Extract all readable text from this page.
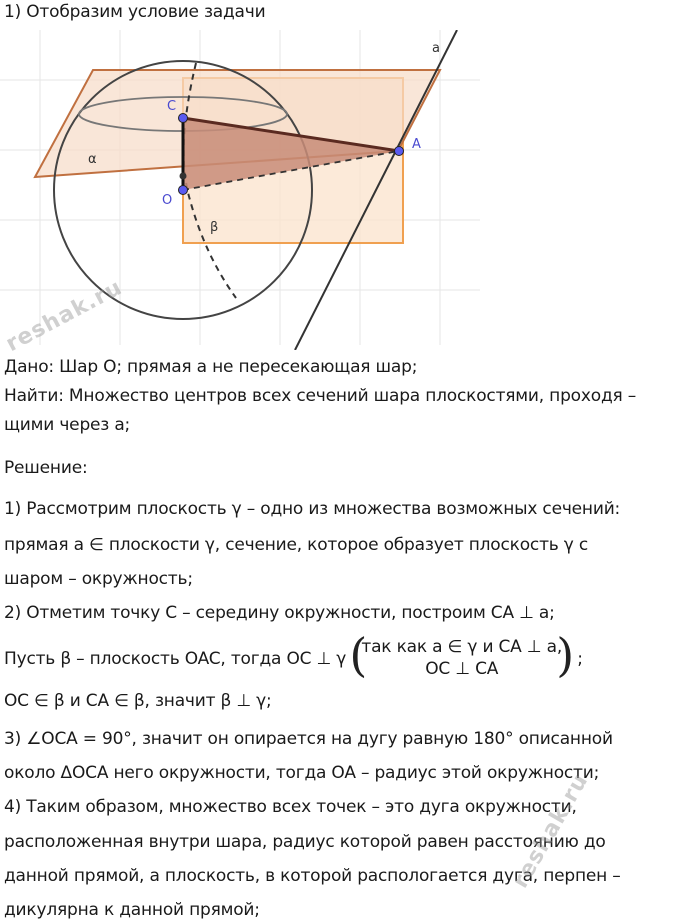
1) Отобразим условие задачи
a
α
β
C
O
A
Дано: Шар O; прямая a не пересекающая шар;
Найти: Множество центров всех сечений шара плоскостями, проходя –
щими через a;
Решение:
1) Рассмотрим плоскость γ – одно из множества возможных сечений:
прямая a ∈ плоскости γ, сечение, которое образует плоскость γ с
шаром – окружность;
2) Отметим точку C – середину окружности, построим CA ⊥ a;
Пусть β – плоскость OAC, тогда OC ⊥ γ (
так как a ∈ γ и CA ⊥ a,
OC ⊥ CA	) ;
OC ∈ β и CA ∈ β, значит β ⊥ γ;
3) ∠OCA = 90°, значит он опирается на дугу равную 180° описанной
около ΔOCA него окружности, тогда OA – радиус этой окружности;
4) Таким образом, множество всех точек – это дуга окружности,
расположенная внутри шара, радиус которой равен расстоянию до
данной прямой, а плоскость, в которой распологается дуга, перпен –
дикулярна к данной прямой;
reshak.ru
reshak.ru
